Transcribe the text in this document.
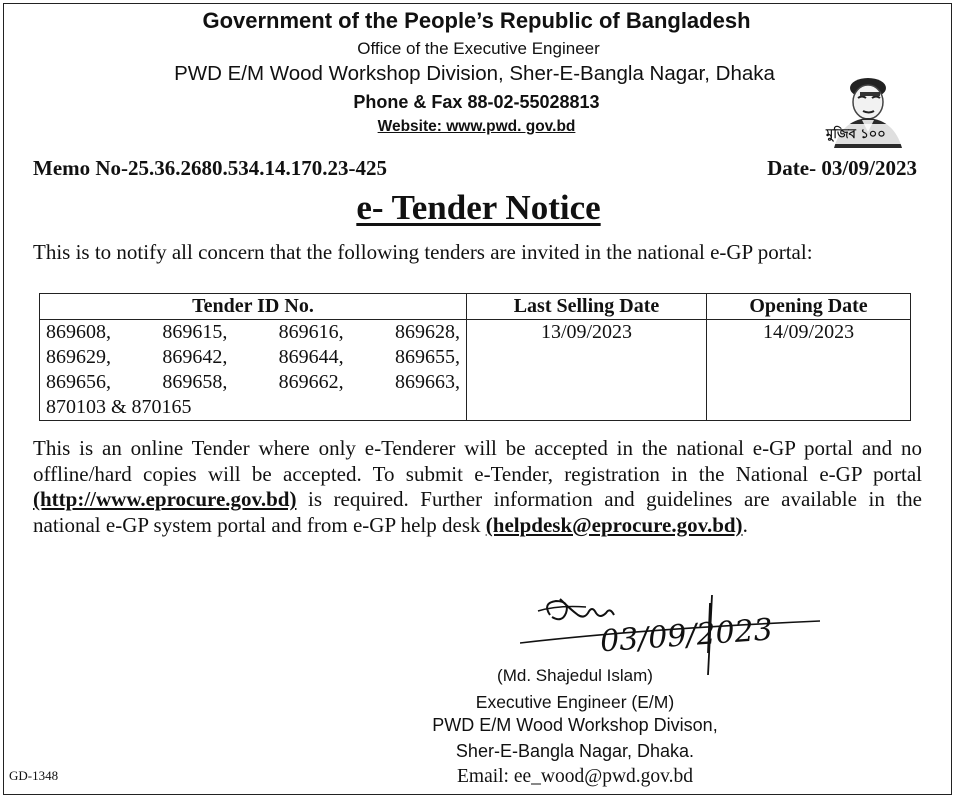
Government of the People’s Republic of Bangladesh
Office of the Executive Engineer
PWD E/M Wood Workshop Division, Sher-E-Bangla Nagar, Dhaka
Phone & Fax 88-02-55028813
Website: www.pwd. gov.bd	মুজিব ১০০
Memo No-25.36.2680.534.14.170.23-425	Date- 03/09/2023
e- Tender Notice

This is to notify all concern that the following tenders are invited in the national e-GP portal:

Tender ID No.	Last Selling Date	Opening Date

869608, 869615, 869616, 869628,
869629, 869642, 869644, 869655,
869656, 869658, 869662, 869663,
870103 & 870165	13/09/2023	14/09/2023

This is an online Tender where only e-Tenderer will be accepted in the national e-GP portal and no offline/hard copies will be accepted. To submit e-Tender, registration in the National e-GP portal (http://www.eprocure.gov.bd) is required. Further information and guidelines are available in the national e-GP system portal and from e-GP help desk (helpdesk@eprocure.gov.bd).

03/09/2023
(Md. Shajedul Islam)
Executive Engineer (E/M)
PWD E/M Wood Workshop Divison,
Sher-E-Bangla Nagar, Dhaka.
Email: ee_wood@pwd.gov.bd
GD-1348
